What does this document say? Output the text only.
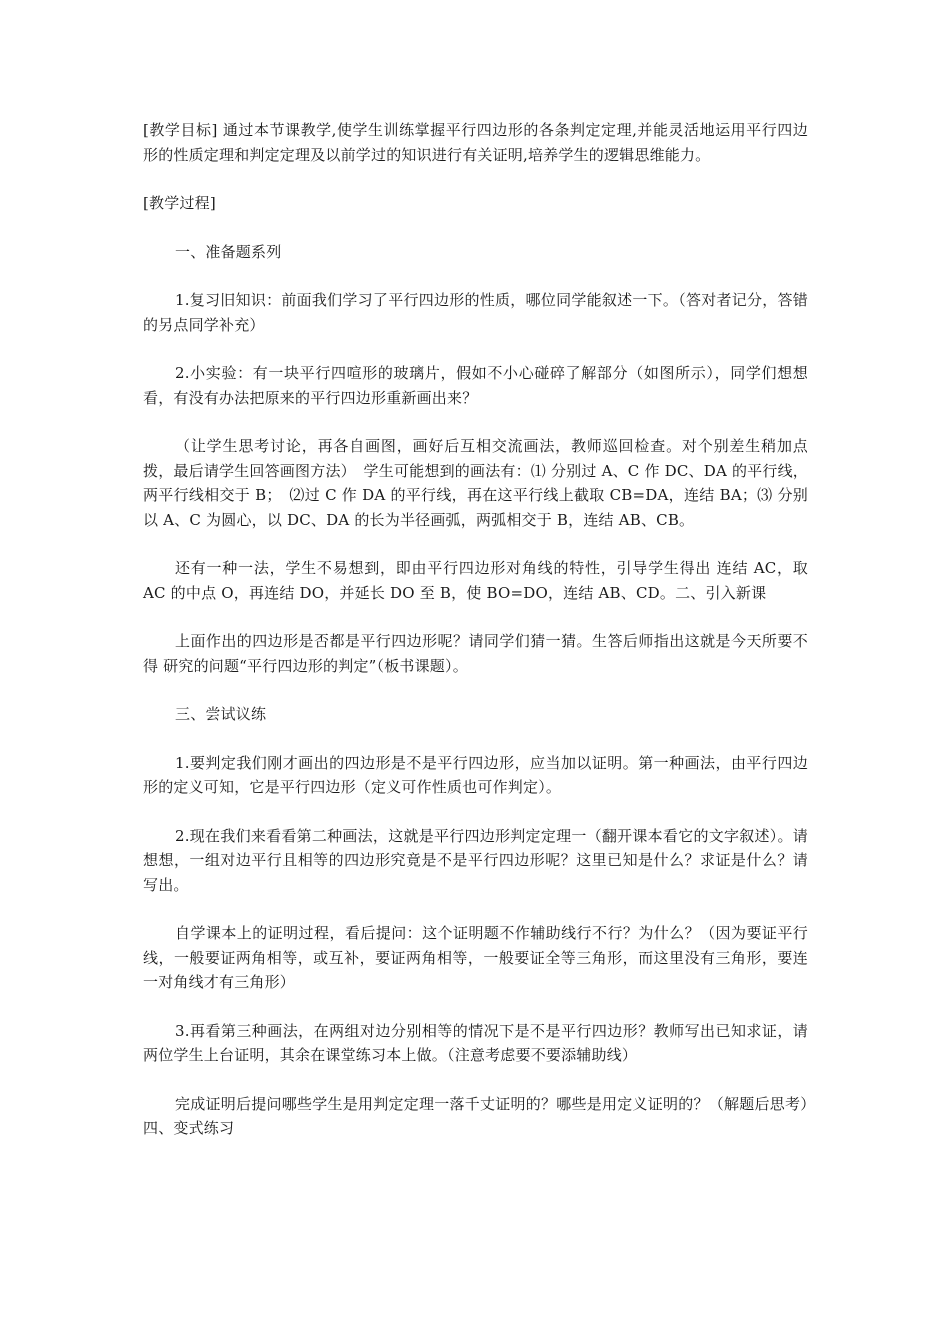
[教学目标] 通过本节课教学,使学生训练掌握平行四边形的各条判定定理,并能灵活地运用平行四边形的性质定理和判定定理及以前学过的知识进行有关证明,培养学生的逻辑思维能力。

[教学过程]

一、准备题系列

1.复习旧知识：前面我们学习了平行四边形的性质，哪位同学能叙述一下。（答对者记分，答错的另点同学补充）

2.小实验：有一块平行四喧形的玻璃片，假如不小心碰碎了解部分（如图所示），同学们想想看，有没有办法把原来的平行四边形重新画出来？

（让学生思考讨论，再各自画图，画好后互相交流画法，教师巡回检查。对个别差生稍加点拨，最后请学生回答画图方法）　学生可能想到的画法有：⑴ 分别过 A、C 作 DC、DA 的平行线，两平行线相交于 B；　⑵过 C 作 DA 的平行线，再在这平行线上截取 CB=DA，连结 BA；⑶ 分别以 A、C 为圆心，以 DC、DA 的长为半径画弧，两弧相交于 B，连结 AB、CB。

还有一种一法，学生不易想到，即由平行四边形对角线的特性，引导学生得出 连结 AC，取 AC 的中点 O，再连结 DO，并延长 DO 至 B，使 BO=DO，连结 AB、CD。二、引入新课

上面作出的四边形是否都是平行四边形呢？请同学们猜一猜。生答后师指出这就是今天所要不得 研究的问题“平行四边形的判定”（板书课题）。

三、尝试议练

1.要判定我们刚才画出的四边形是不是平行四边形，应当加以证明。第一种画法，由平行四边形的定义可知，它是平行四边形（定义可作性质也可作判定）。

2.现在我们来看看第二种画法，这就是平行四边形判定定理一（翻开课本看它的文字叙述）。请想想，一组对边平行且相等的四边形究竟是不是平行四边形呢？这里已知是什么？求证是什么？请写出。

自学课本上的证明过程，看后提问：这个证明题不作辅助线行不行？为什么？（因为要证平行线，一般要证两角相等，或互补，要证两角相等，一般要证全等三角形，而这里没有三角形，要连一对角线才有三角形）

3.再看第三种画法，在两组对边分别相等的情况下是不是平行四边形？教师写出已知求证，请两位学生上台证明，其余在课堂练习本上做。（注意考虑要不要添辅助线）

完成证明后提问哪些学生是用判定定理一落千丈证明的？哪些是用定义证明的？（解题后思考）四、变式练习
